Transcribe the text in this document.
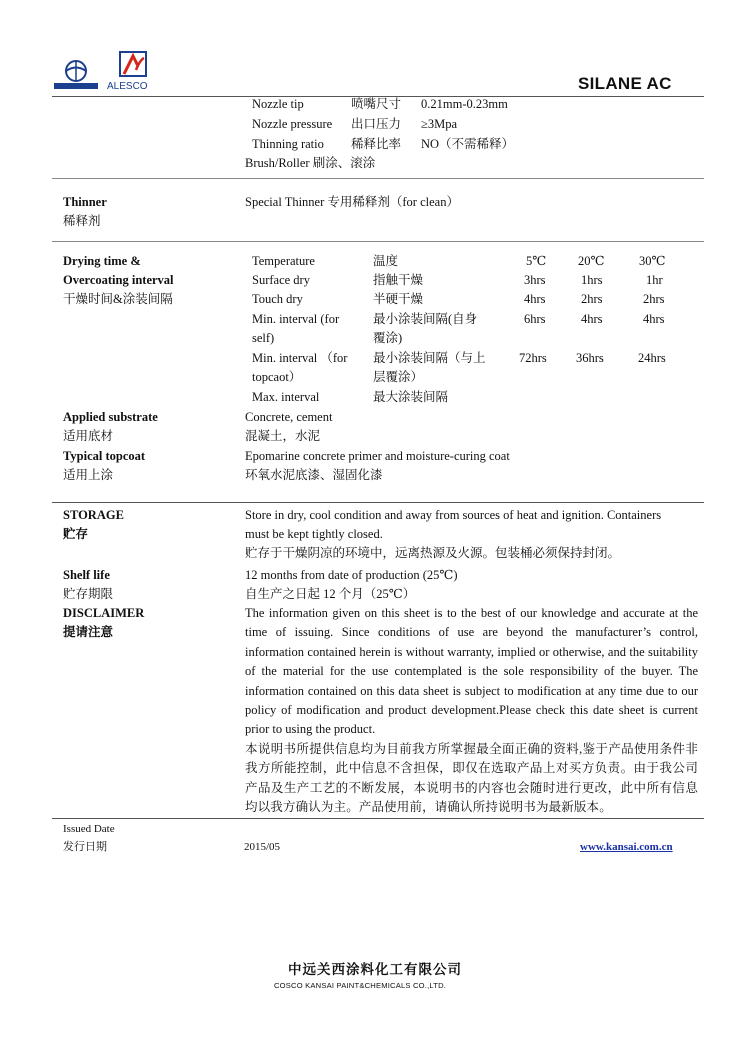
ALESCO	SILANE AC
Nozzle tip	喷嘴尺寸 0.21mm-0.23mm
Nozzle pressure 出口压力 ≥3Mpa
Thinning ratio 稀释比率 NO（不需稀释）
Brush/Roller 刷涂、滚涂
Thinner
稀释剂
Special Thinner 专用稀释剂（for clean）
Drying time &
Overcoating interval
干燥时间&涂装间隔
Temperature	温度	5℃	20℃	30℃
Surface dry	指触干燥	3hrs	1hrs	1hr
Touch dry	半硬干燥	4hrs	2hrs	2hrs
Min. interval (for
self)
最小涂装间隔(自身
覆涂)
6hrs	4hrs	4hrs
Min. interval （for
topcaot）
最小涂装间隔（与上
层覆涂）
72hrs 36hrs	24hrs
Max. interval	最大涂装间隔
Applied substrate
适用底材
Concrete, cement
混凝土，水泥
Typical topcoat
适用上涂
Epomarine concrete primer and moisture-curing coat
环氧水泥底漆、湿固化漆
STORAGE
贮存
Store in dry, cool condition and away from sources of heat and ignition. Containers
must be kept tightly closed.
贮存于干燥阴凉的环境中，远离热源及火源。包装桶必须保持封闭。
Shelf life
贮存期限
12 months from date of production (25℃)
自生产之日起 12 个月（25℃）
DISCLAIMER
提请注意
The information given on this sheet is to the best of our knowledge and accurate at the time of issuing. Since conditions of use are beyond the manufacturer’s control, information contained herein is without warranty, implied or otherwise, and the suitability of the material for the use contemplated is the sole responsibility of the buyer. The information contained on this data sheet is subject to modification at any time due to our policy of modification and product development.Please check this date sheet is current prior to using the product.
本说明书所提供信息均为目前我方所掌握最全面正确的资料,鉴于产品使用条件非我方所能控制，此中信息不含担保，即仅在选取产品上对买方负责。由于我公司产品及生产工艺的不断发展，本说明书的内容也会随时进行更改，此中所有信息均以我方确认为主。产品使用前，请确认所持说明书为最新版本。
Issued Date
发行日期	2015/05	www.kansai.com.cn
中远关西涂料化工有限公司
COSCO KANSAI PAINT&CHEMICALS CO.,LTD.
